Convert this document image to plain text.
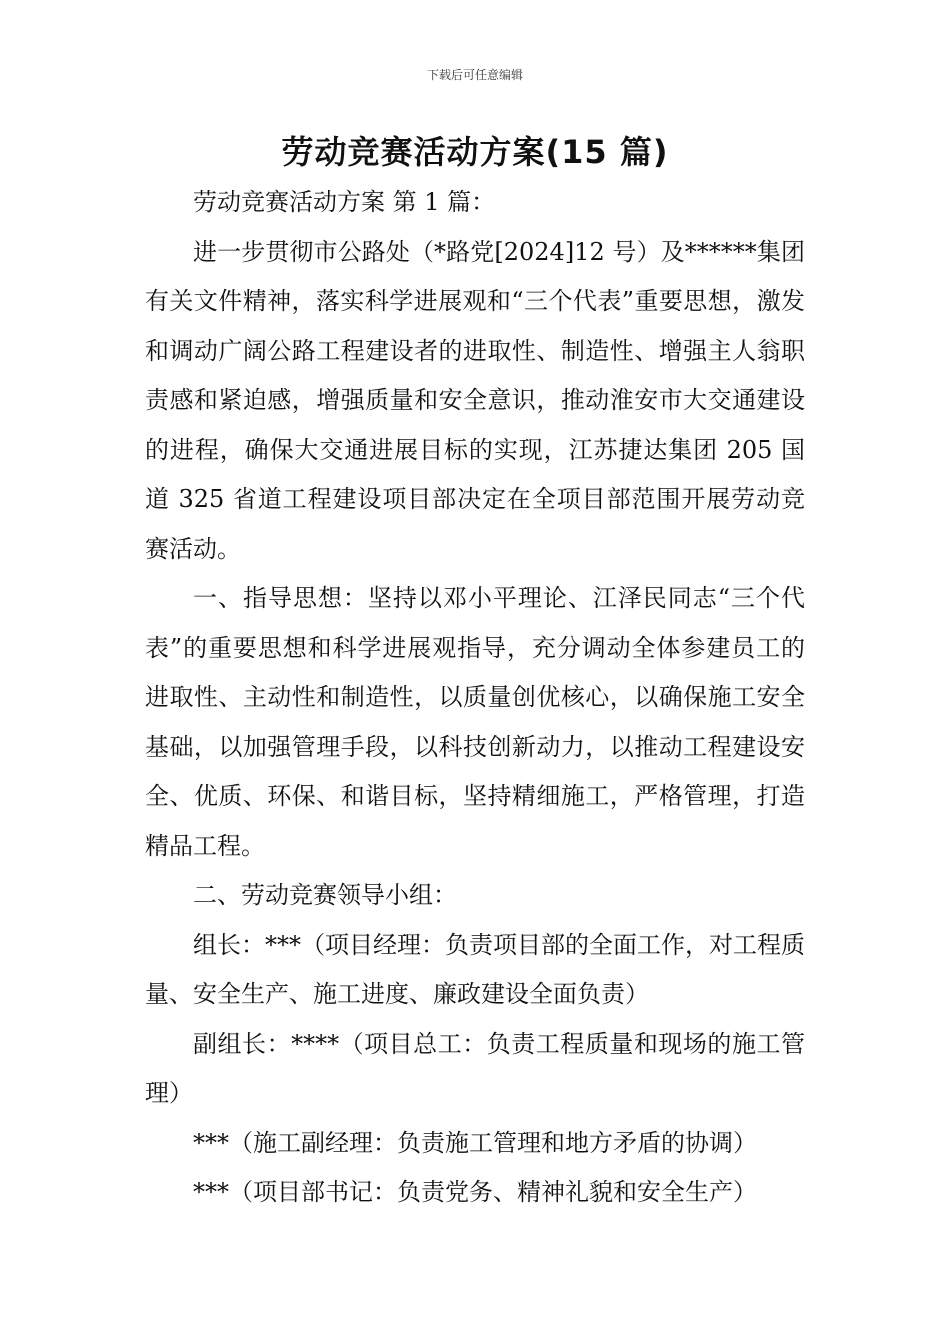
下载后可任意编辑
劳动竞赛活动方案(15 篇)

劳动竞赛活动方案 第 1 篇：

进一步贯彻市公路处（*路党[2024]12 号）及******集团有关文件精神，落实科学进展观和“三个代表”重要思想，激发和调动广阔公路工程建设者的进取性、制造性、增强主人翁职责感和紧迫感，增强质量和安全意识，推动淮安市大交通建设的进程，确保大交通进展目标的实现，江苏捷达集团 205 国道 325 省道工程建设项目部决定在全项目部范围开展劳动竞赛活动。

一、指导思想：坚持以邓小平理论、江泽民同志“三个代表”的重要思想和科学进展观指导，充分调动全体参建员工的进取性、主动性和制造性，以质量创优核心，以确保施工安全基础，以加强管理手段，以科技创新动力，以推动工程建设安全、优质、环保、和谐目标，坚持精细施工，严格管理，打造精品工程。

二、劳动竞赛领导小组：

组长：***（项目经理：负责项目部的全面工作，对工程质量、安全生产、施工进度、廉政建设全面负责）

副组长：****（项目总工：负责工程质量和现场的施工管理）

***（施工副经理：负责施工管理和地方矛盾的协调）

***（项目部书记：负责党务、精神礼貌和安全生产）
